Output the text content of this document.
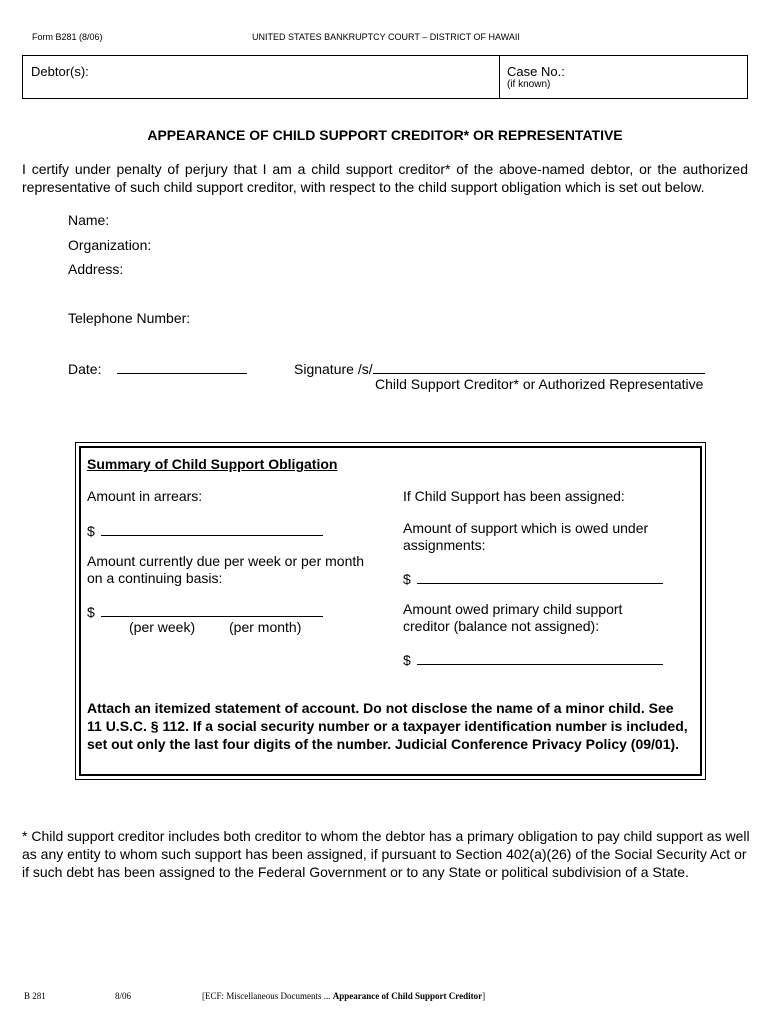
Form B281 (8/06)	UNITED STATES BANKRUPTCY COURT – DISTRICT OF HAWAII
Debtor(s):	Case No.:
(if known)
APPEARANCE OF CHILD SUPPORT CREDITOR* OR REPRESENTATIVE
I certify under penalty of perjury that I am a child support creditor* of the above-named debtor, or the authorized representative of such child support creditor, with respect to the child support obligation which is set out below.
Name:
Organization:
Address:
Telephone Number:
Date:	Signature /s/
Child Support Creditor* or Authorized Representative
Summary of Child Support Obligation
Amount in arrears:
$
Amount currently due per week or per month on a continuing basis:
$
(per week) (per month)
If Child Support has been assigned:
Amount of support which is owed under assignments:
$
Amount owed primary child support creditor (balance not assigned):
$
Attach an itemized statement of account. Do not disclose the name of a minor child. See 11 U.S.C. § 112. If a social security number or a taxpayer identification number is included, set out only the last four digits of the number. Judicial Conference Privacy Policy (09/01).
* Child support creditor includes both creditor to whom the debtor has a primary obligation to pay child support as well as any entity to whom such support has been assigned, if pursuant to Section 402(a)(26) of the Social Security Act or if such debt has been assigned to the Federal Government or to any State or political subdivision of a State.
B 281	8/06	[ECF: Miscellaneous Documents ... Appearance of Child Support Creditor]
